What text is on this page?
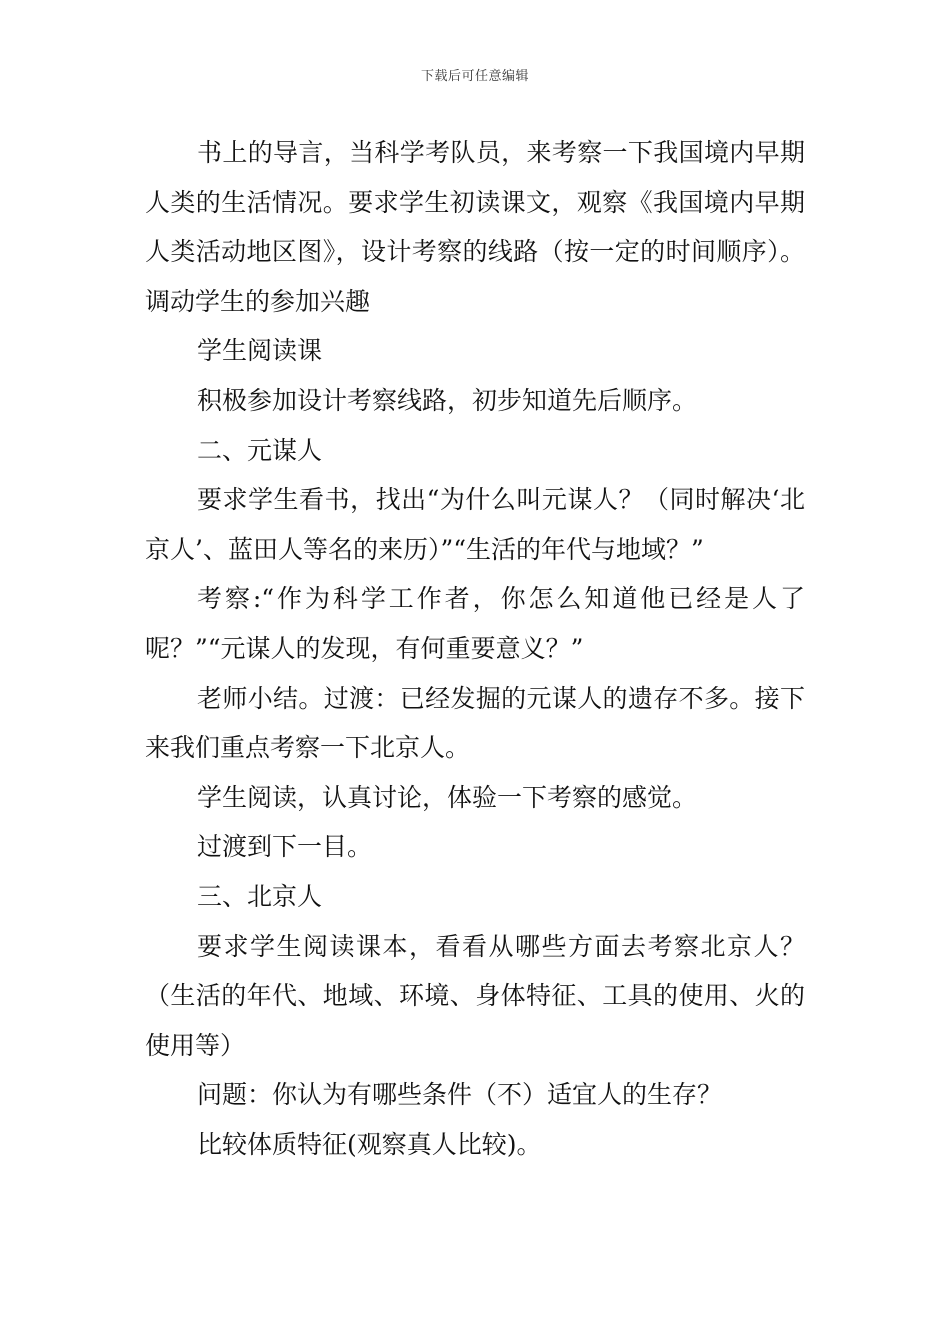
下载后可任意编辑

书上的导言，当科学考队员，来考察一下我国境内早期人类的生活情况。要求学生初读课文，观察《我国境内早期人类活动地区图》，设计考察的线路（按一定的时间顺序）。调动学生的参加兴趣

学生阅读课

积极参加设计考察线路，初步知道先后顺序。

二、元谋人

要求学生看书，找出“为什么叫元谋人？（同时解决‘北京人’、蓝田人等名的来历）”“生活的年代与地域？”

考察:“作为科学工作者，你怎么知道他已经是人了呢？”“元谋人的发现，有何重要意义？”

老师小结。过渡：已经发掘的元谋人的遗存不多。接下来我们重点考察一下北京人。

学生阅读，认真讨论，体验一下考察的感觉。

过渡到下一目。

三、北京人

要求学生阅读课本，看看从哪些方面去考察北京人？（生活的年代、地域、环境、身体特征、工具的使用、火的使用等）

问题：你认为有哪些条件（不）适宜人的生存？

比较体质特征(观察真人比较)。
